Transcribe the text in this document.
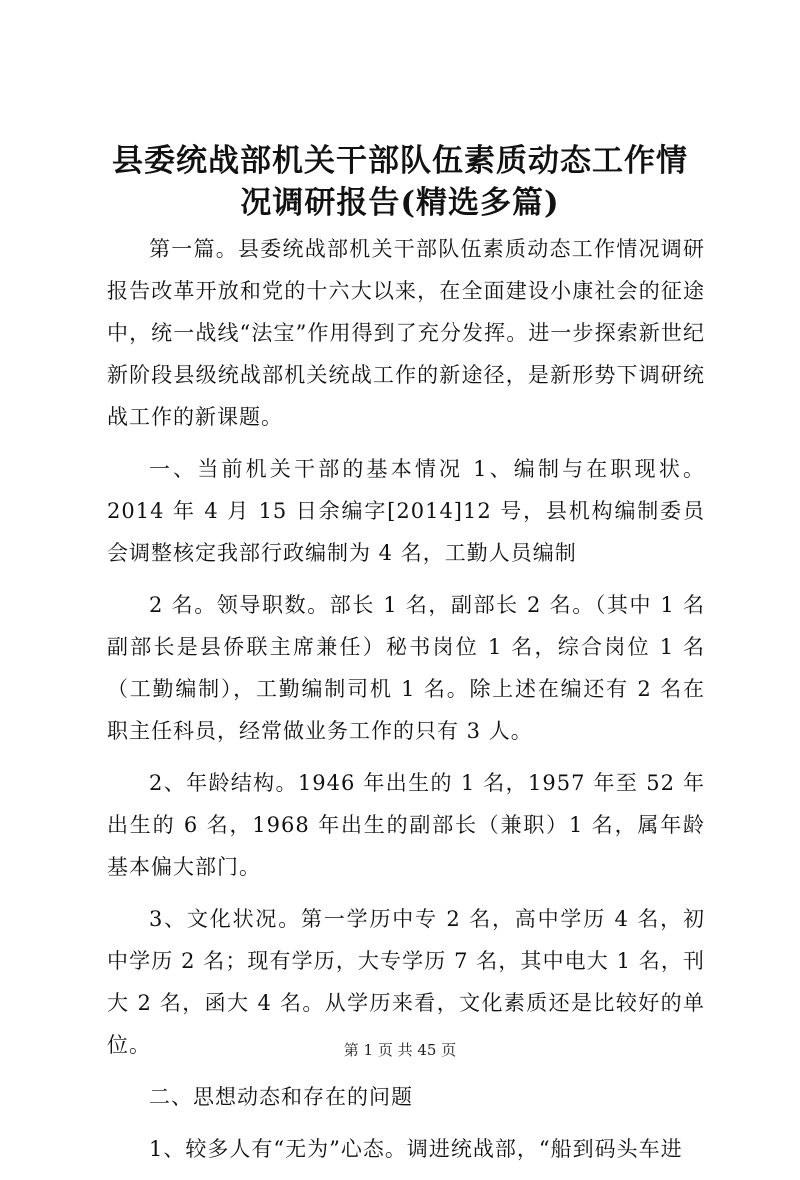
县委统战部机关干部队伍素质动态工作情况调研报告(精选多篇)

第一篇。县委统战部机关干部队伍素质动态工作情况调研报告改革开放和党的十六大以来，在全面建设小康社会的征途中，统一战线“法宝”作用得到了充分发挥。进一步探索新世纪新阶段县级统战部机关统战工作的新途径，是新形势下调研统战工作的新课题。

一、当前机关干部的基本情况 1、编制与在职现状。2014 年 4 月 15 日余编字[2014]12 号，县机构编制委员会调整核定我部行政编制为 4 名，工勤人员编制

2 名。领导职数。部长 1 名，副部长 2 名。（其中 1 名副部长是县侨联主席兼任）秘书岗位 1 名，综合岗位 1 名（工勤编制），工勤编制司机 1 名。除上述在编还有 2 名在职主任科员，经常做业务工作的只有 3 人。

2、年龄结构。1946 年出生的 1 名，1957 年至 52 年出生的 6 名，1968 年出生的副部长（兼职）1 名，属年龄基本偏大部门。

3、文化状况。第一学历中专 2 名，高中学历 4 名，初中学历 2 名；现有学历，大专学历 7 名，其中电大 1 名，刊大 2 名，函大 4 名。从学历来看，文化素质还是比较好的单位。

二、思想动态和存在的问题

1、较多人有“无为”心态。调进统战部，“船到码头车进

第 1 页 共 45 页
